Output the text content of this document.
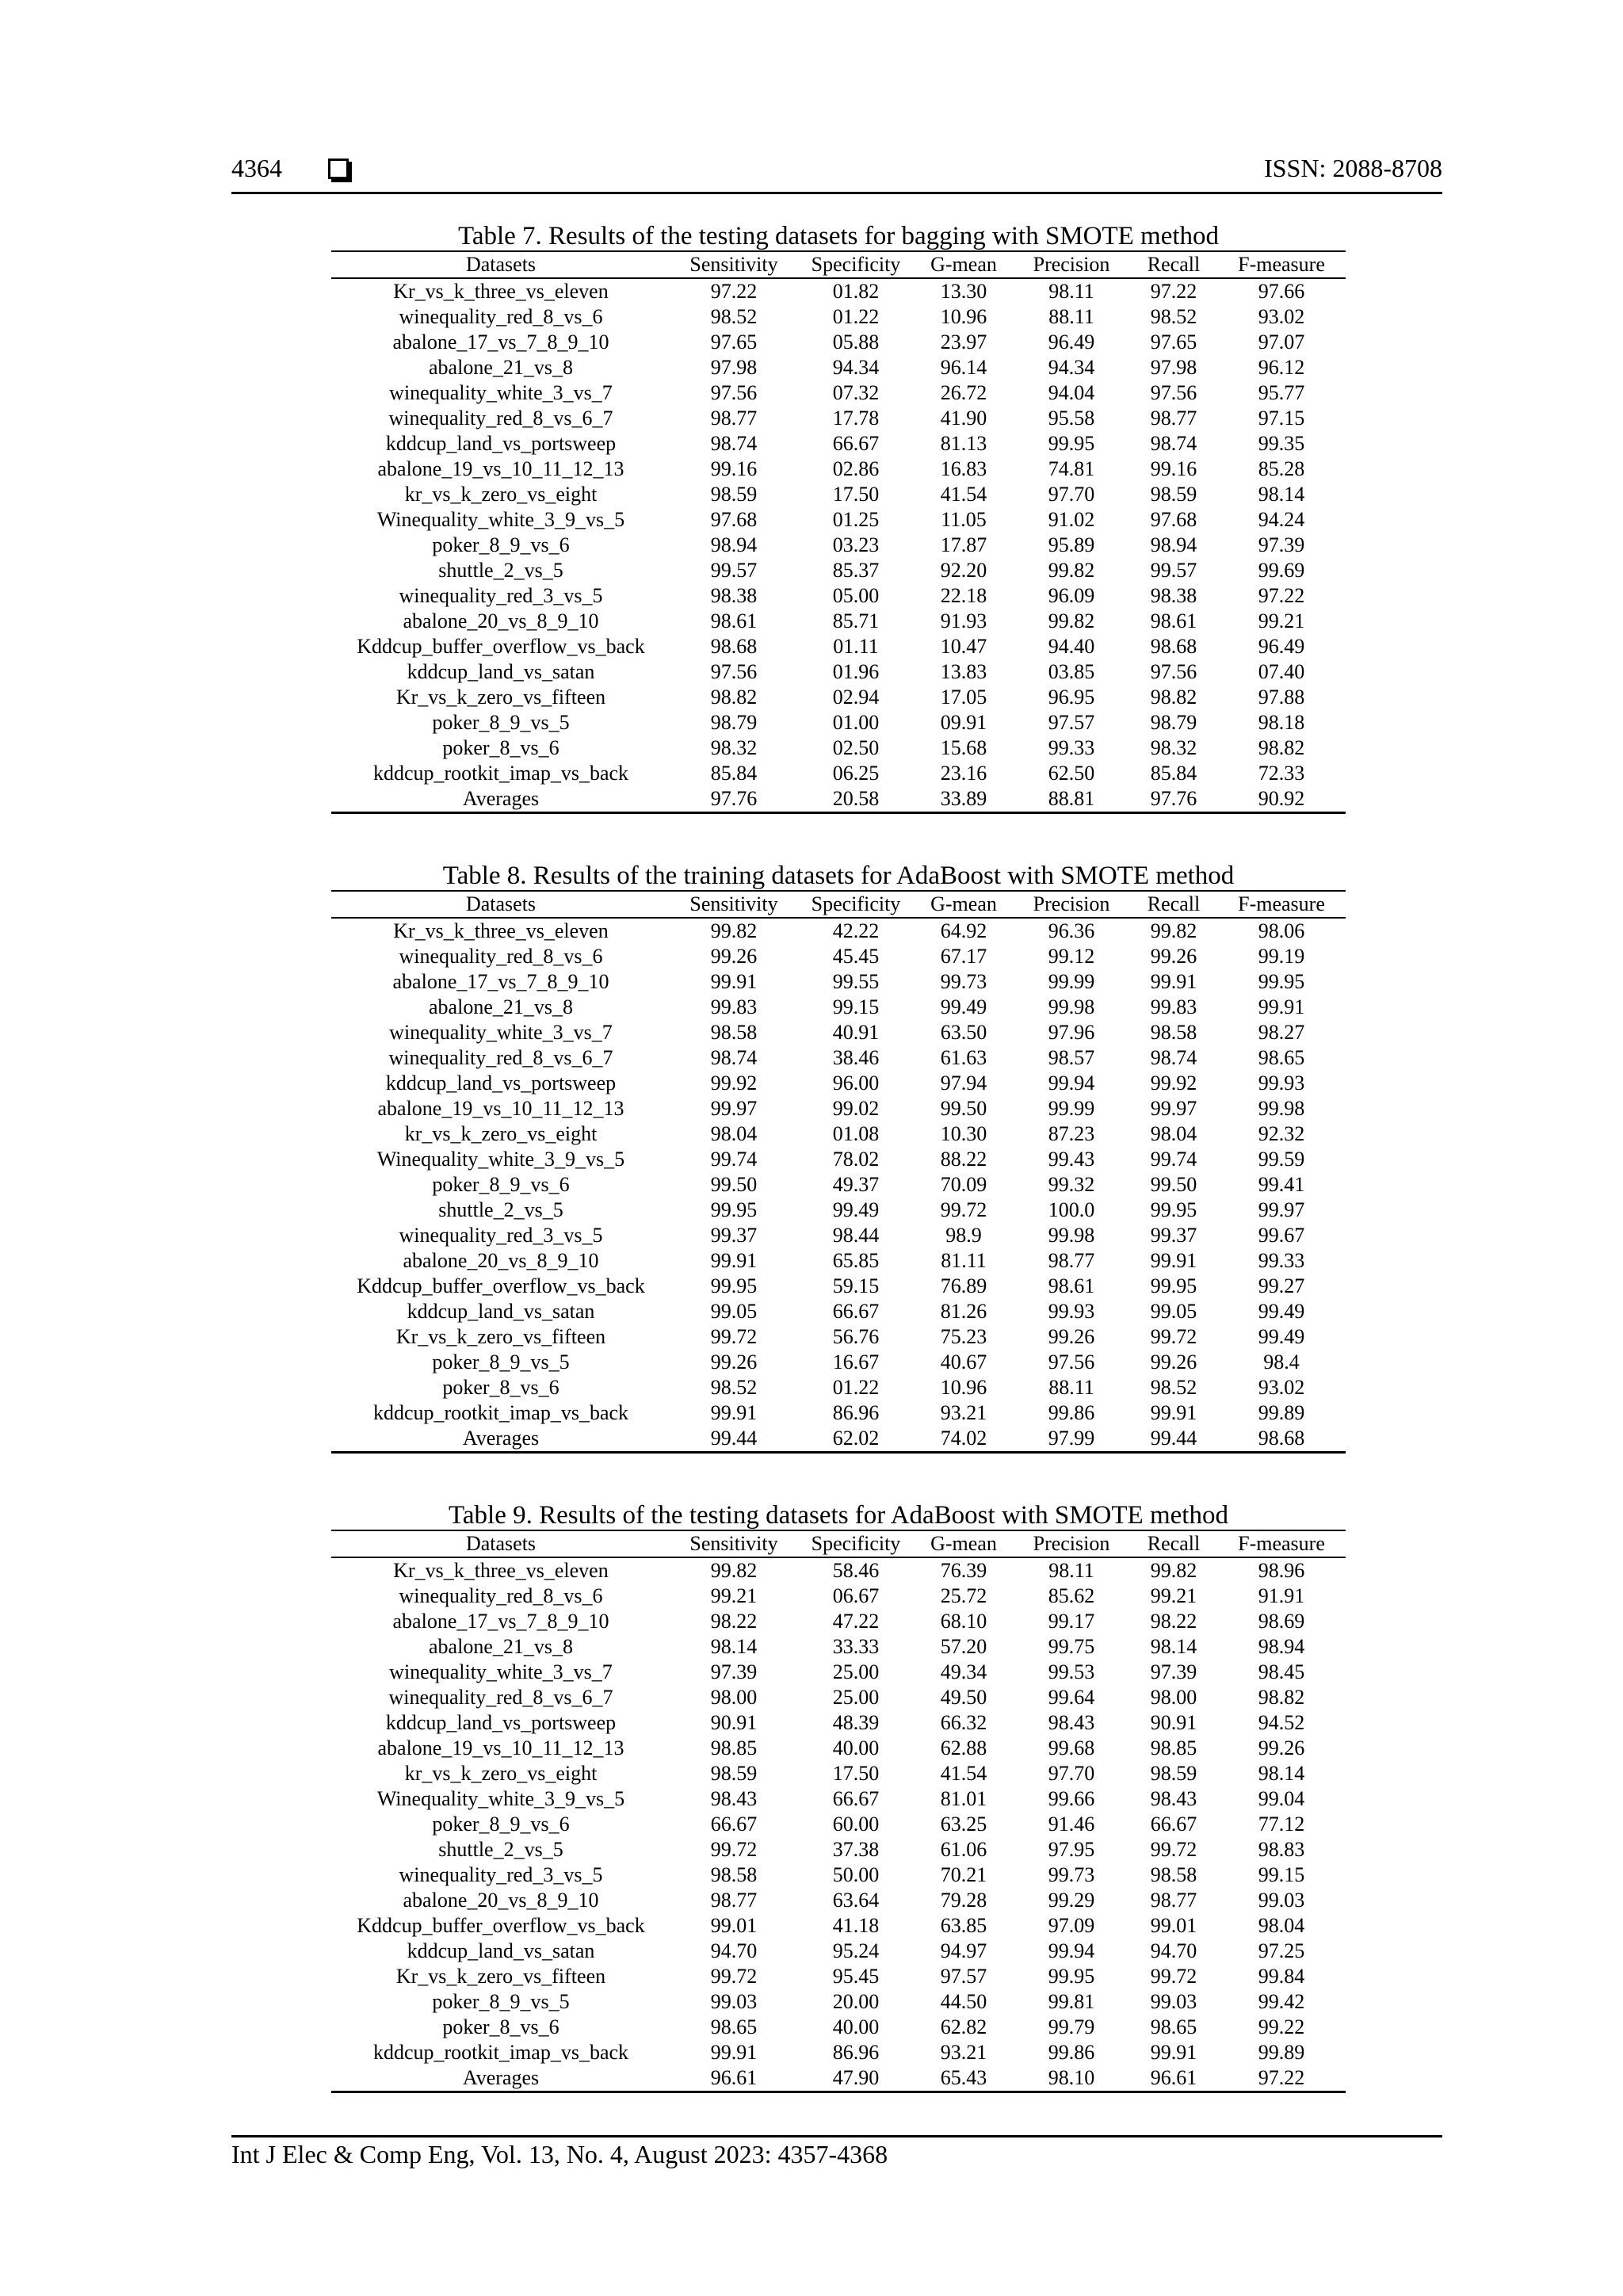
4364	ISSN: 2088-8708
Table 7. Results of the testing datasets for bagging with SMOTE method
Datasets	Sensitivity	Specificity	G-mean	Precision	Recall	F-measure
Kr_vs_k_three_vs_eleven	97.22	01.82	13.30	98.11	97.22	97.66
winequality_red_8_vs_6	98.52	01.22	10.96	88.11	98.52	93.02
abalone_17_vs_7_8_9_10	97.65	05.88	23.97	96.49	97.65	97.07
abalone_21_vs_8	97.98	94.34	96.14	94.34	97.98	96.12
winequality_white_3_vs_7	97.56	07.32	26.72	94.04	97.56	95.77
winequality_red_8_vs_6_7	98.77	17.78	41.90	95.58	98.77	97.15
kddcup_land_vs_portsweep	98.74	66.67	81.13	99.95	98.74	99.35
abalone_19_vs_10_11_12_13	99.16	02.86	16.83	74.81	99.16	85.28
kr_vs_k_zero_vs_eight	98.59	17.50	41.54	97.70	98.59	98.14
Winequality_white_3_9_vs_5	97.68	01.25	11.05	91.02	97.68	94.24
poker_8_9_vs_6	98.94	03.23	17.87	95.89	98.94	97.39
shuttle_2_vs_5	99.57	85.37	92.20	99.82	99.57	99.69
winequality_red_3_vs_5	98.38	05.00	22.18	96.09	98.38	97.22
abalone_20_vs_8_9_10	98.61	85.71	91.93	99.82	98.61	99.21
Kddcup_buffer_overflow_vs_back	98.68	01.11	10.47	94.40	98.68	96.49
kddcup_land_vs_satan	97.56	01.96	13.83	03.85	97.56	07.40
Kr_vs_k_zero_vs_fifteen	98.82	02.94	17.05	96.95	98.82	97.88
poker_8_9_vs_5	98.79	01.00	09.91	97.57	98.79	98.18
poker_8_vs_6	98.32	02.50	15.68	99.33	98.32	98.82
kddcup_rootkit_imap_vs_back	85.84	06.25	23.16	62.50	85.84	72.33
Averages	97.76	20.58	33.89	88.81	97.76	90.92
Table 8. Results of the training datasets for AdaBoost with SMOTE method
Datasets	Sensitivity	Specificity	G-mean	Precision	Recall	F-measure
Kr_vs_k_three_vs_eleven	99.82	42.22	64.92	96.36	99.82	98.06
winequality_red_8_vs_6	99.26	45.45	67.17	99.12	99.26	99.19
abalone_17_vs_7_8_9_10	99.91	99.55	99.73	99.99	99.91	99.95
abalone_21_vs_8	99.83	99.15	99.49	99.98	99.83	99.91
winequality_white_3_vs_7	98.58	40.91	63.50	97.96	98.58	98.27
winequality_red_8_vs_6_7	98.74	38.46	61.63	98.57	98.74	98.65
kddcup_land_vs_portsweep	99.92	96.00	97.94	99.94	99.92	99.93
abalone_19_vs_10_11_12_13	99.97	99.02	99.50	99.99	99.97	99.98
kr_vs_k_zero_vs_eight	98.04	01.08	10.30	87.23	98.04	92.32
Winequality_white_3_9_vs_5	99.74	78.02	88.22	99.43	99.74	99.59
poker_8_9_vs_6	99.50	49.37	70.09	99.32	99.50	99.41
shuttle_2_vs_5	99.95	99.49	99.72	100.0	99.95	99.97
winequality_red_3_vs_5	99.37	98.44	98.9	99.98	99.37	99.67
abalone_20_vs_8_9_10	99.91	65.85	81.11	98.77	99.91	99.33
Kddcup_buffer_overflow_vs_back	99.95	59.15	76.89	98.61	99.95	99.27
kddcup_land_vs_satan	99.05	66.67	81.26	99.93	99.05	99.49
Kr_vs_k_zero_vs_fifteen	99.72	56.76	75.23	99.26	99.72	99.49
poker_8_9_vs_5	99.26	16.67	40.67	97.56	99.26	98.4
poker_8_vs_6	98.52	01.22	10.96	88.11	98.52	93.02
kddcup_rootkit_imap_vs_back	99.91	86.96	93.21	99.86	99.91	99.89
Averages	99.44	62.02	74.02	97.99	99.44	98.68
Table 9. Results of the testing datasets for AdaBoost with SMOTE method
Datasets	Sensitivity	Specificity	G-mean	Precision	Recall	F-measure
Kr_vs_k_three_vs_eleven	99.82	58.46	76.39	98.11	99.82	98.96
winequality_red_8_vs_6	99.21	06.67	25.72	85.62	99.21	91.91
abalone_17_vs_7_8_9_10	98.22	47.22	68.10	99.17	98.22	98.69
abalone_21_vs_8	98.14	33.33	57.20	99.75	98.14	98.94
winequality_white_3_vs_7	97.39	25.00	49.34	99.53	97.39	98.45
winequality_red_8_vs_6_7	98.00	25.00	49.50	99.64	98.00	98.82
kddcup_land_vs_portsweep	90.91	48.39	66.32	98.43	90.91	94.52
abalone_19_vs_10_11_12_13	98.85	40.00	62.88	99.68	98.85	99.26
kr_vs_k_zero_vs_eight	98.59	17.50	41.54	97.70	98.59	98.14
Winequality_white_3_9_vs_5	98.43	66.67	81.01	99.66	98.43	99.04
poker_8_9_vs_6	66.67	60.00	63.25	91.46	66.67	77.12
shuttle_2_vs_5	99.72	37.38	61.06	97.95	99.72	98.83
winequality_red_3_vs_5	98.58	50.00	70.21	99.73	98.58	99.15
abalone_20_vs_8_9_10	98.77	63.64	79.28	99.29	98.77	99.03
Kddcup_buffer_overflow_vs_back	99.01	41.18	63.85	97.09	99.01	98.04
kddcup_land_vs_satan	94.70	95.24	94.97	99.94	94.70	97.25
Kr_vs_k_zero_vs_fifteen	99.72	95.45	97.57	99.95	99.72	99.84
poker_8_9_vs_5	99.03	20.00	44.50	99.81	99.03	99.42
poker_8_vs_6	98.65	40.00	62.82	99.79	98.65	99.22
kddcup_rootkit_imap_vs_back	99.91	86.96	93.21	99.86	99.91	99.89
Averages	96.61	47.90	65.43	98.10	96.61	97.22
Int J Elec & Comp Eng, Vol. 13, No. 4, August 2023: 4357-4368
